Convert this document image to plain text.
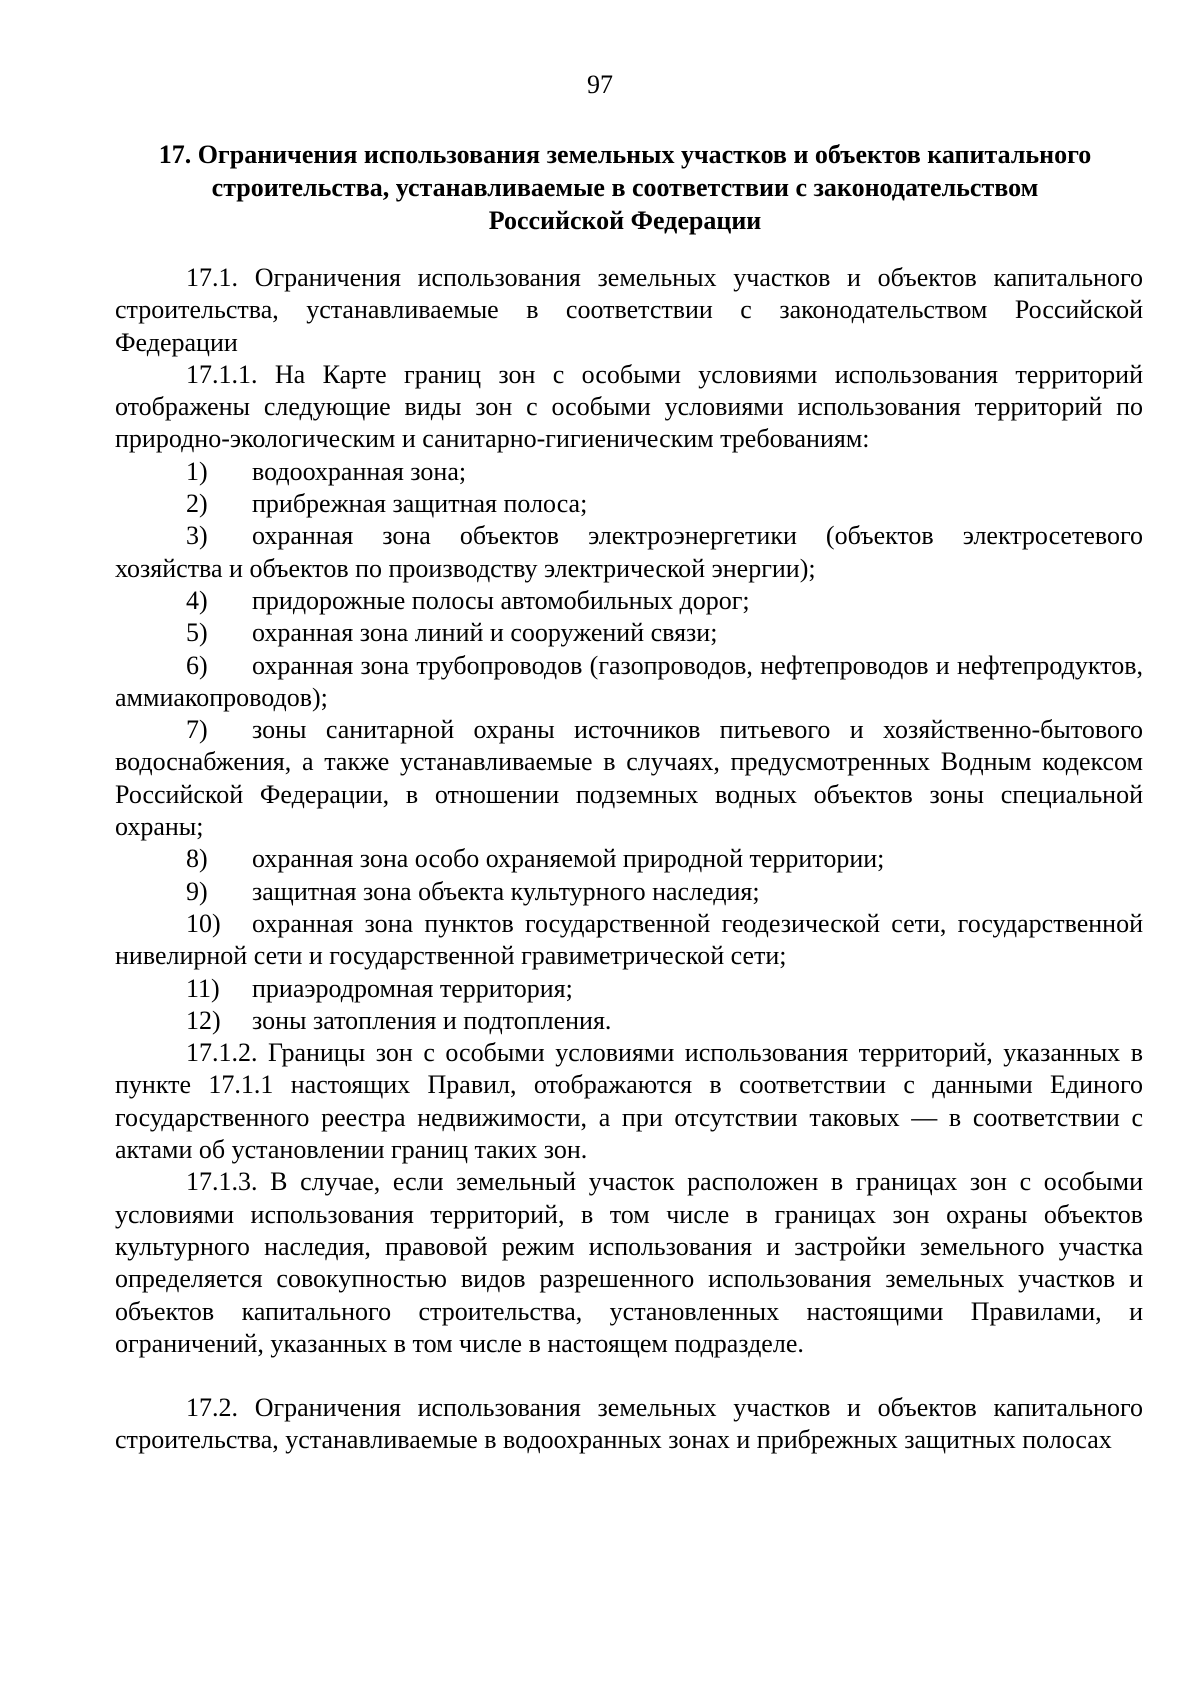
97
17. Ограничения использования земельных участков и объектов капитального
строительства, устанавливаемые в соответствии с законодательством
Российской Федерации

17.1. Ограничения использования земельных участков и объектов капитального строительства, устанавливаемые в соответствии с законодательством Российской Федерации

17.1.1. На Карте границ зон с особыми условиями использования территорий отображены следующие виды зон с особыми условиями использования территорий по природно-экологическим и санитарно-гигиеническим требованиям:

1) водоохранная зона;

2) прибрежная защитная полоса;

3) охранная зона объектов электроэнергетики (объектов электросетевого хозяйства и объектов по производству электрической энергии);

4) придорожные полосы автомобильных дорог;

5) охранная зона линий и сооружений связи;

6) охранная зона трубопроводов (газопроводов, нефтепроводов и нефтепродуктов, аммиакопроводов);

7) зоны санитарной охраны источников питьевого и хозяйственно-бытового водоснабжения, а также устанавливаемые в случаях, предусмотренных Водным кодексом Российской Федерации, в отношении подземных водных объектов зоны специальной охраны;

8) охранная зона особо охраняемой природной территории;

9) защитная зона объекта культурного наследия;

10) охранная зона пунктов государственной геодезической сети, государственной нивелирной сети и государственной гравиметрической сети;

11) приаэродромная территория;

12) зоны затопления и подтопления.

17.1.2. Границы зон с особыми условиями использования территорий, указанных в пункте 17.1.1 настоящих Правил, отображаются в соответствии с данными Единого государственного реестра недвижимости, а при отсутствии таковых — в соответствии с актами об установлении границ таких зон.

17.1.3. В случае, если земельный участок расположен в границах зон с особыми условиями использования территорий, в том числе в границах зон охраны объектов культурного наследия, правовой режим использования и застройки земельного участка определяется совокупностью видов разрешенного использования земельных участков и объектов капитального строительства, установленных настоящими Правилами, и ограничений, указанных в том числе в настоящем подразделе.

17.2. Ограничения использования земельных участков и объектов капитального строительства, устанавливаемые в водоохранных зонах и прибрежных защитных полосах
